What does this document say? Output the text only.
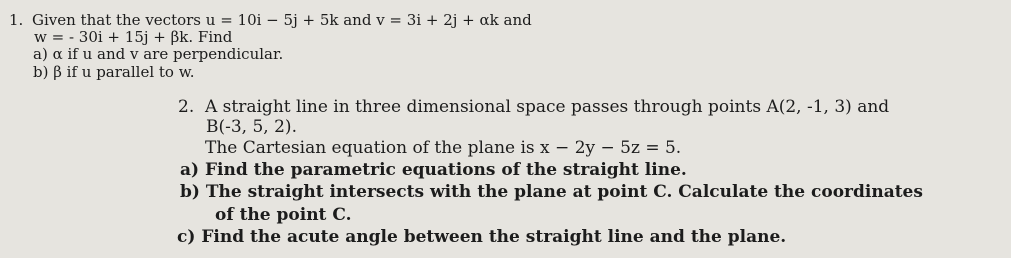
1. Given that the vectors u = 10i − 5j + 5k and v = 3i + 2j + αk and
w = - 30i + 15j + βk. Find
a) α if u and v are perpendicular.
b) β if u parallel to w.
2. A straight line in three dimensional space passes through points A(2, -1, 3) and
B(-3, 5, 2).
The Cartesian equation of the plane is x − 2y − 5z = 5.
a) Find the parametric equations of the straight line.
b) The straight intersects with the plane at point C. Calculate the coordinates
of the point C.
c) Find the acute angle between the straight line and the plane.
